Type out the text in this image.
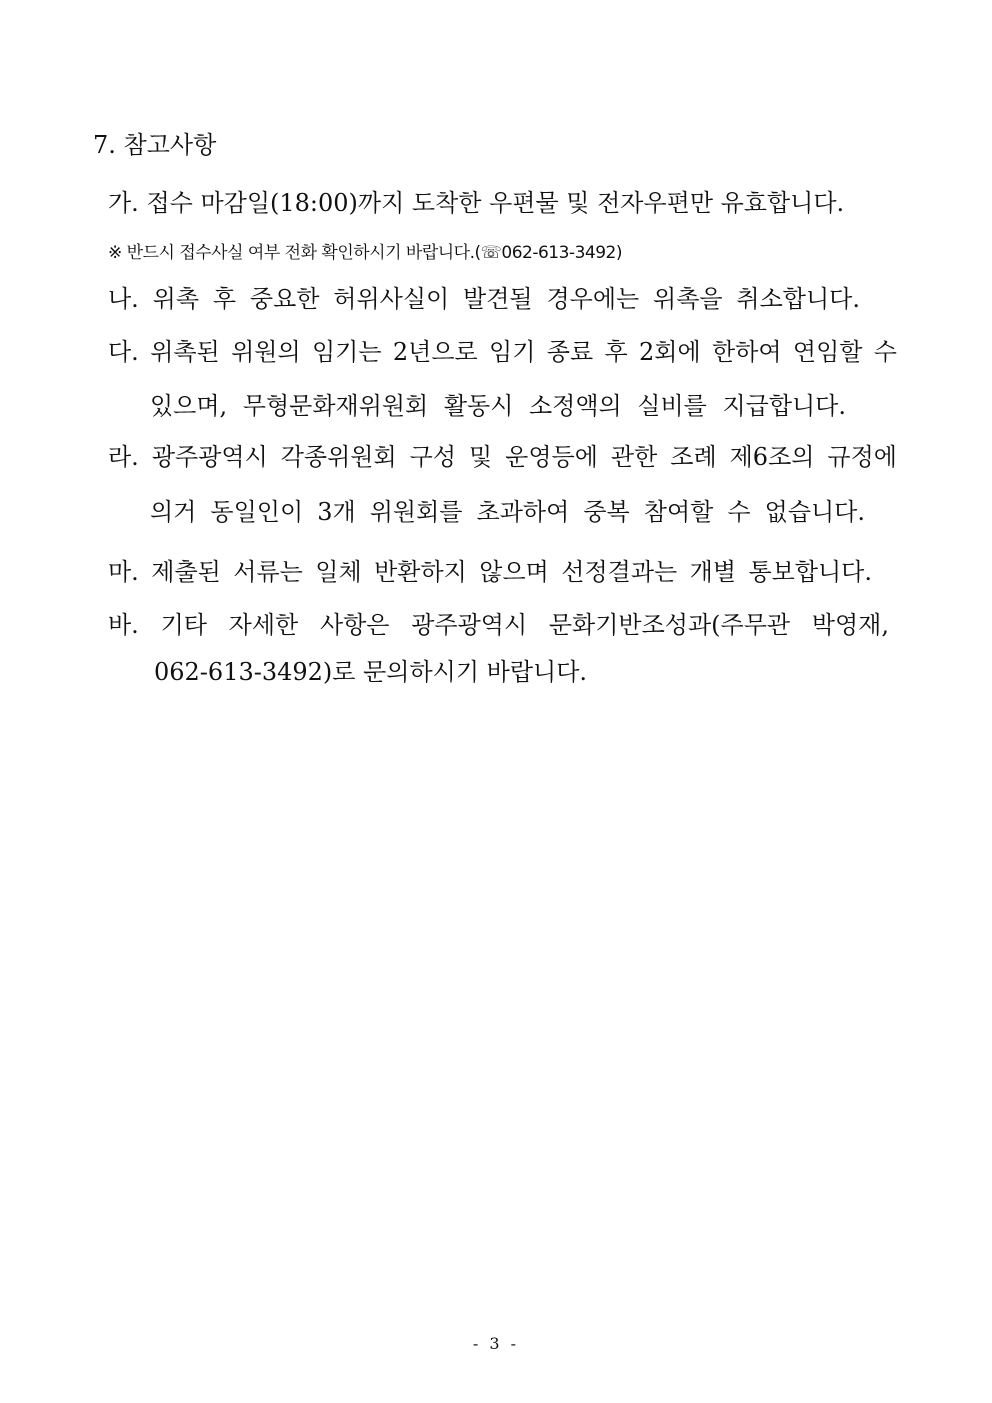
7. 참고사항
가. 접수 마감일(18:00)까지 도착한 우편물 및 전자우편만 유효합니다.
※ 반드시 접수사실 여부 전화 확인하시기 바랍니다.(☏062-613-3492)
나. 위촉 후 중요한 허위사실이 발견될 경우에는 위촉을 취소합니다.
다. 위촉된 위원의 임기는 2년으로 임기 종료 후 2회에 한하여 연임할 수
있으며, 무형문화재위원회 활동시 소정액의 실비를 지급합니다.
라. 광주광역시 각종위원회 구성 및 운영등에 관한 조례 제6조의 규정에
의거 동일인이 3개 위원회를 초과하여 중복 참여할 수 없습니다.
마. 제출된 서류는 일체 반환하지 않으며 선정결과는 개별 통보합니다.
바. 기타 자세한 사항은 광주광역시 문화기반조성과(주무관 박영재,
062-613-3492)로 문의하시기 바랍니다.
- 3 -
